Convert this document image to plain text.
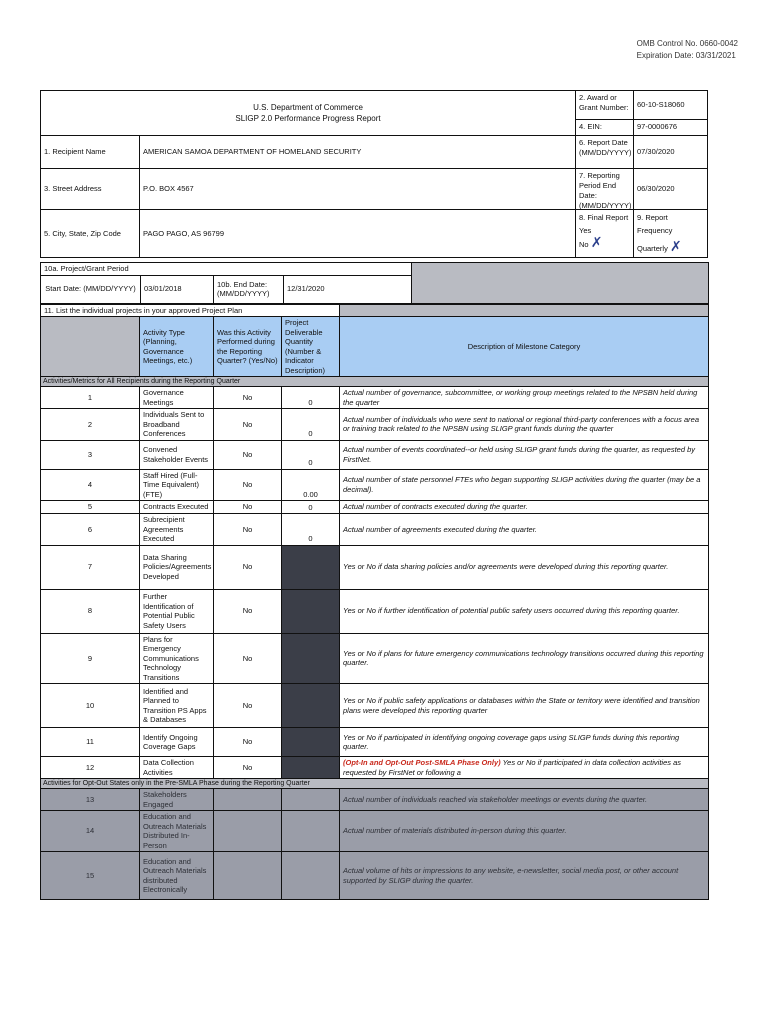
OMB Control No. 0660-0042
Expiration Date: 03/31/2021
U.S. Department of Commerce
SLIGP 2.0 Performance Progress Report
2. Award or Grant Number:	60-10-S18060
4. EIN:	97-0000676
1. Recipient Name	AMERICAN SAMOA DEPARTMENT OF HOMELAND SECURITY
6. Report Date (MM/DD/YYYY) 07/30/2020
3. Street Address	P.O. BOX 4567
7. Reporting Period End Date: (MM/DD/YYYY)
06/30/2020
5. City, State, Zip Code	PAGO PAGO, AS 96799
8. Final Report
Yes
No ✗
9. Report Frequency
Quarterly ✗
10a. Project/Grant Period				
Start Date: (MM/DD/YYYY)	03/01/2018	10b. End Date: (MM/DD/YYYY)	12/31/2020	
11. List the individual projects in your approved Project Plan				
	Activity Type (Planning, Governance Meetings, etc.)	Was this Activity Performed during the Reporting Quarter? (Yes/No)	Project Deliverable Quantity (Number & Indicator Description)	Description of Milestone Category
Activities/Metrics for All Recipients during the Reporting Quarter				
1	Governance Meetings	No	0	Actual number of governance, subcommittee, or working group meetings related to the NPSBN held during the quarter
2	Individuals Sent to Broadband Conferences	No	0	Actual number of individuals who were sent to national or regional third-party conferences with a focus area or training track related to the NPSBN using SLIGP grant funds during the quarter
3	Convened Stakeholder Events	No	0	Actual number of events coordinated--or held using SLIGP grant funds during the quarter, as requested by FirstNet.
4	Staff Hired (Full-Time Equivalent)(FTE)	No	0.00	Actual number of state personnel FTEs who began supporting SLIGP activities during the quarter (may be a decimal).
5	Contracts Executed	No	0	Actual number of contracts executed during the quarter.
6	Subrecipient Agreements Executed	No	0	Actual number of agreements executed during the quarter.
7	Data Sharing Policies/Agreements Developed	No		Yes or No if data sharing policies and/or agreements were developed during this reporting quarter.
8	Further Identification of Potential Public Safety Users	No		Yes or No if further identification of potential public safety users occurred during this reporting quarter.
9	Plans for Emergency Communications Technology Transitions	No		Yes or No if plans for future emergency communications technology transitions occurred during this reporting quarter.
10	Identified and Planned to Transition PS Apps & Databases	No		Yes or No if public safety applications or databases within the State or territory were identified and transition plans were developed this reporting quarter
11	Identify Ongoing Coverage Gaps	No		Yes or No if participated in identifying ongoing coverage gaps using SLIGP funds during this reporting quarter.
12	Data Collection Activities	No		(Opt-In and Opt-Out Post-SMLA Phase Only) Yes or No if participated in data collection activities as requested by FirstNet or following a
Activities for Opt-Out States only in the Pre-SMLA Phase during the Reporting Quarter				
13	Stakeholders Engaged			Actual number of individuals reached via stakeholder meetings or events during the quarter.
14	Education and Outreach Materials Distributed In-Person			Actual number of materials distributed in-person during this quarter.
15	Education and Outreach Materials distributed Electronically			Actual volume of hits or impressions to any website, e-newsletter, social media post, or other account supported by SLIGP during the quarter.
